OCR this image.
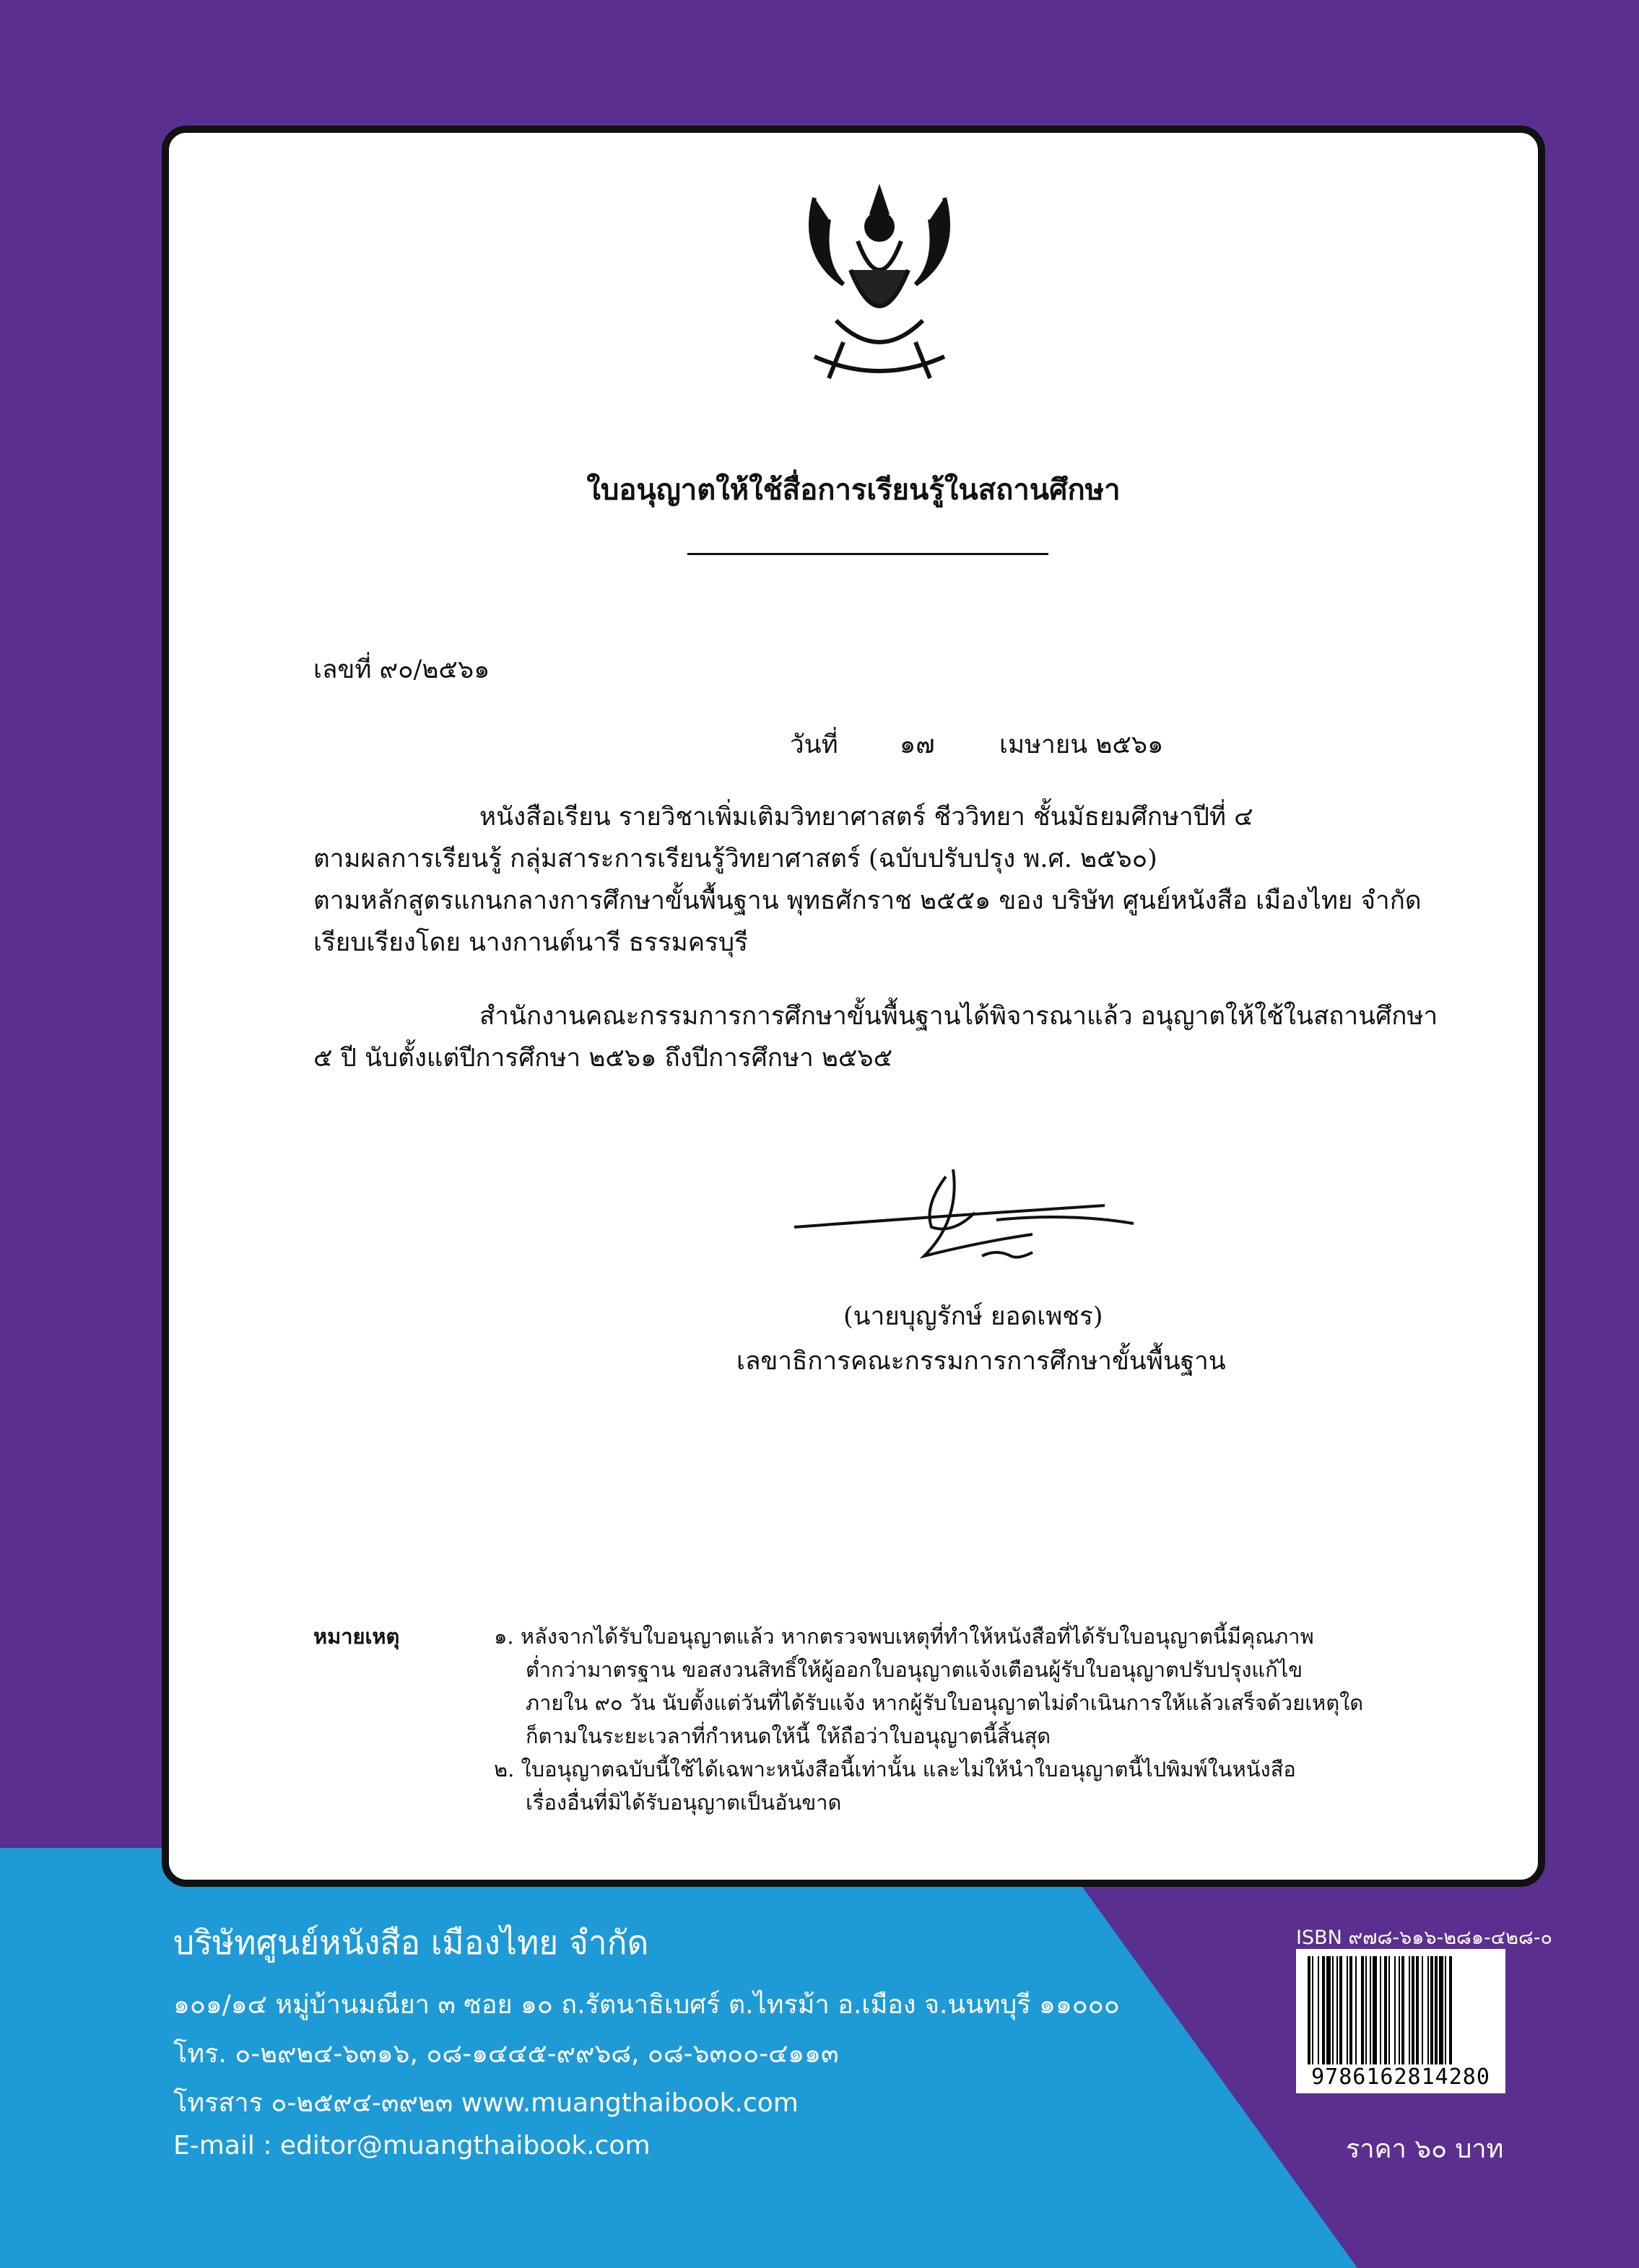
ใบอนุญาตให้ใช้สื่อการเรียนรู้ในสถานศึกษา
เลขที่ ๙๐/๒๕๖๑
วันที่ ๑๗	เมษายน ๒๕๖๑
หนังสือเรียน รายวิชาเพิ่มเติมวิทยาศาสตร์ ชีววิทยา ชั้นมัธยมศึกษาปีที่ ๔
ตามผลการเรียนรู้ กลุ่มสาระการเรียนรู้วิทยาศาสตร์ (ฉบับปรับปรุง พ.ศ. ๒๕๖๐)
ตามหลักสูตรแกนกลางการศึกษาขั้นพื้นฐาน พุทธศักราช ๒๕๕๑ ของ บริษัท ศูนย์หนังสือ เมืองไทย จำกัด
เรียบเรียงโดย นางกานต์นารี ธรรมครบุรี
สำนักงานคณะกรรมการการศึกษาขั้นพื้นฐานได้พิจารณาแล้ว อนุญาตให้ใช้ในสถานศึกษา
๕ ปี นับตั้งแต่ปีการศึกษา ๒๕๖๑ ถึงปีการศึกษา ๒๕๖๕
(นายบุญรักษ์ ยอดเพชร)
เลขาธิการคณะกรรมการการศึกษาขั้นพื้นฐาน
หมายเหตุ	๑. หลังจากได้รับใบอนุญาตแล้ว หากตรวจพบเหตุที่ทำให้หนังสือที่ได้รับใบอนุญาตนี้มีคุณภาพ
ต่ำกว่ามาตรฐาน ขอสงวนสิทธิ์ให้ผู้ออกใบอนุญาตแจ้งเตือนผู้รับใบอนุญาตปรับปรุงแก้ไข
ภายใน ๙๐ วัน นับตั้งแต่วันที่ได้รับแจ้ง หากผู้รับใบอนุญาตไม่ดำเนินการให้แล้วเสร็จด้วยเหตุใด
ก็ตามในระยะเวลาที่กำหนดให้นี้ ให้ถือว่าใบอนุญาตนี้สิ้นสุด
๒. ใบอนุญาตฉบับนี้ใช้ได้เฉพาะหนังสือนี้เท่านั้น และไม่ให้นำใบอนุญาตนี้ไปพิมพ์ในหนังสือ
เรื่องอื่นที่มิได้รับอนุญาตเป็นอันขาด
บริษัทศูนย์หนังสือ เมืองไทย จำกัด
๑๐๑/๑๔ หมู่บ้านมณียา ๓ ซอย ๑๐ ถ.รัตนาธิเบศร์ ต.ไทรม้า อ.เมือง จ.นนทบุรี ๑๑๐๐๐
โทร. ๐-๒๙๒๔-๖๓๑๖, ๐๘-๑๔๔๕-๙๙๖๘, ๐๘-๖๓๐๐-๔๑๑๓
โทรสาร ๐-๒๕๙๔-๓๙๒๓ www.muangthaibook.com
E-mail : editor@muangthaibook.com
ISBN ๙๗๘-๖๑๖-๒๘๑-๔๒๘-๐
9786162814280
ราคา ๖๐ บาท
